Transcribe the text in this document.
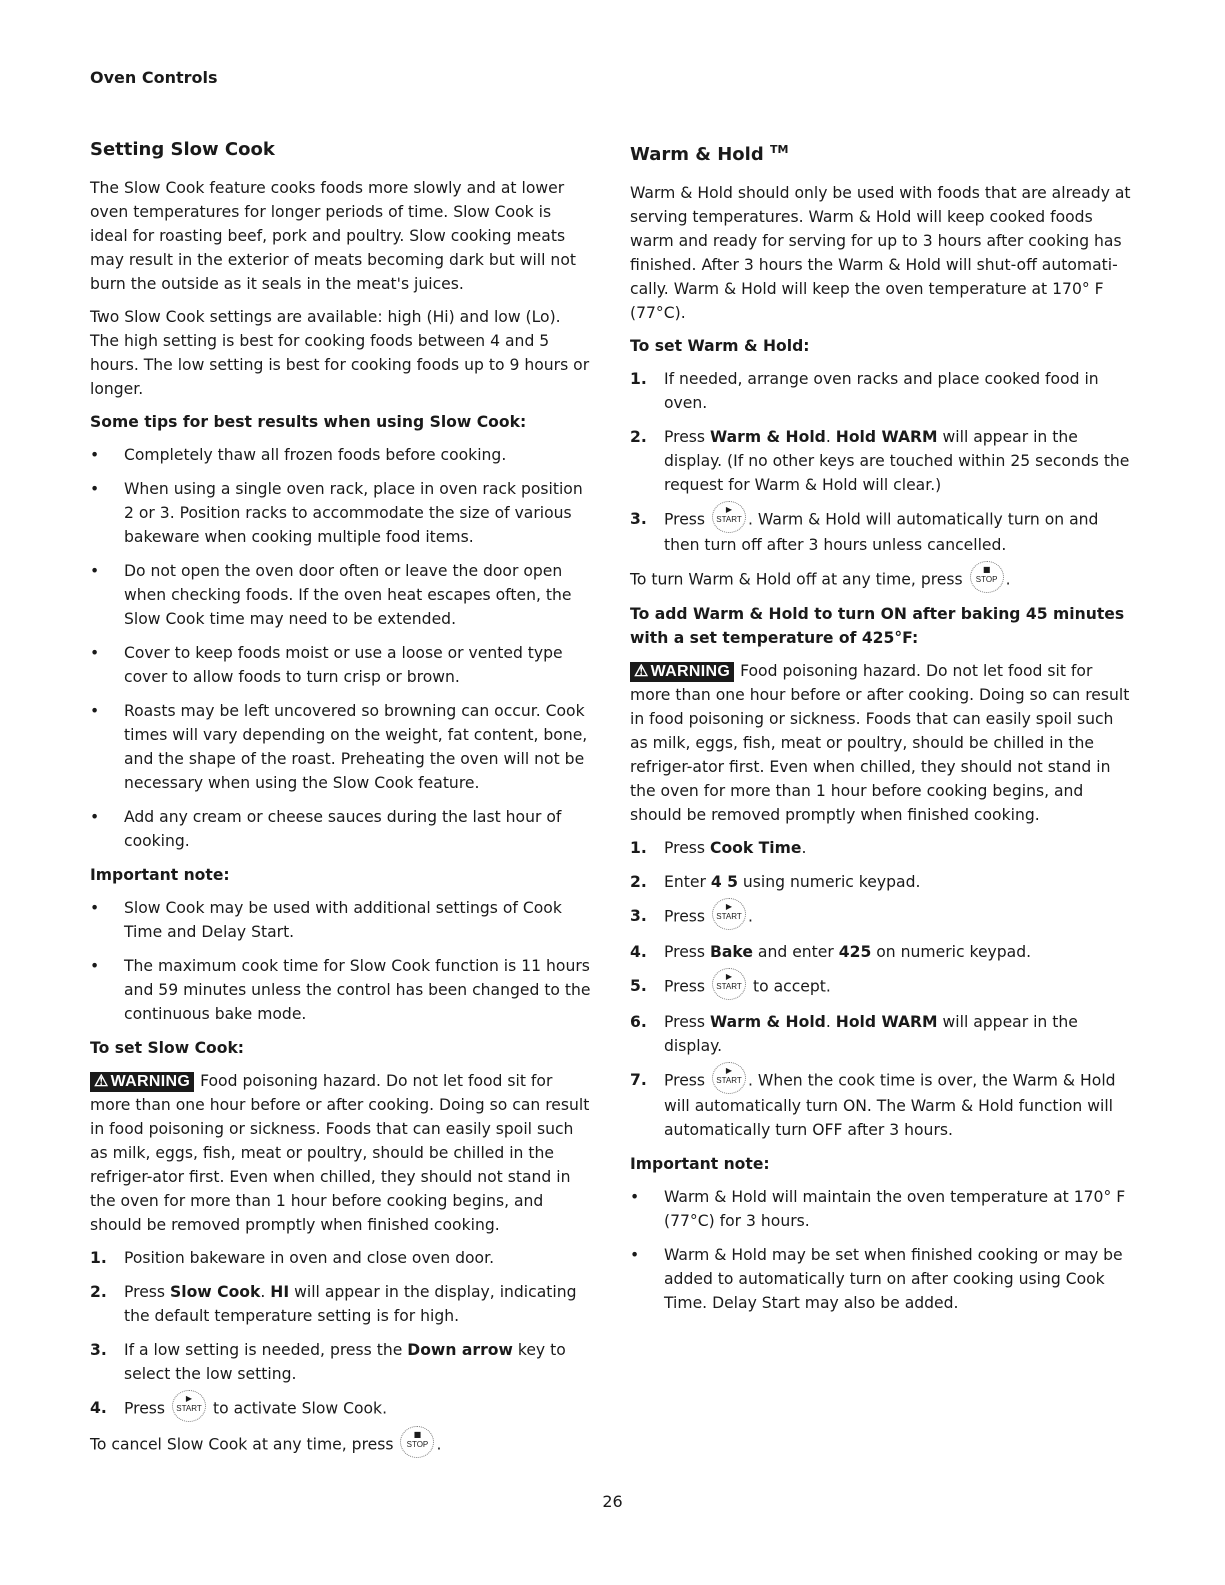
Oven Controls
Setting Slow Cook

The Slow Cook feature cooks foods more slowly and at lower oven temperatures for longer periods of time. Slow Cook is ideal for roasting beef, pork and poultry. Slow cooking meats may result in the exterior of meats becoming dark but will not burn the outside as it seals in the meat's juices.

Two Slow Cook settings are available: high (Hi) and low (Lo). The high setting is best for cooking foods between 4 and 5 hours. The low setting is best for cooking foods up to 9 hours or longer.

Some tips for best results when using Slow Cook:
• Completely thaw all frozen foods before cooking.
• When using a single oven rack, place in oven rack position 2 or 3. Position racks to accommodate the size of various bakeware when cooking multiple food items.
• Do not open the oven door often or leave the door open when checking foods. If the oven heat escapes often, the Slow Cook time may need to be extended.
• Cover to keep foods moist or use a loose or vented type cover to allow foods to turn crisp or brown.
• Roasts may be left uncovered so browning can occur. Cook times will vary depending on the weight, fat content, bone, and the shape of the roast. Preheating the oven will not be necessary when using the Slow Cook feature.
• Add any cream or cheese sauces during the last hour of cooking.
Important note:
• Slow Cook may be used with additional settings of Cook Time and Delay Start.
• The maximum cook time for Slow Cook function is 11 hours and 59 minutes unless the control has been changed to the continuous bake mode.
To set Slow Cook:

⚠ WARNING Food poisoning hazard. Do not let food sit for more than one hour before or after cooking. Doing so can result in food poisoning or sickness. Foods that can easily spoil such as milk, eggs, fish, meat or poultry, should be chilled in the refriger-ator first. Even when chilled, they should not stand in the oven for more than 1 hour before cooking begins, and should be removed promptly when finished cooking.

1. Position bakeware in oven and close oven door.
2. Press Slow Cook. HI will appear in the display, indicating the default temperature setting is for high.
3. If a low setting is needed, press the Down arrow key to select the low setting.
4. Press
▶
START to activate Slow Cook.

To cancel Slow Cook at any time, press
■
STOP .

Warm & Hold ™

Warm & Hold should only be used with foods that are already at serving temperatures. Warm & Hold will keep cooked foods warm and ready for serving for up to 3 hours after cooking has finished. After 3 hours the Warm & Hold will shut-off automati-cally. Warm & Hold will keep the oven temperature at 170° F (77°C).

To set Warm & Hold:
1. If needed, arrange oven racks and place cooked food in oven.
2. Press Warm & Hold. Hold WARM will appear in the display. (If no other keys are touched within 25 seconds the request for Warm & Hold will clear.)
3. Press
▶
START . Warm & Hold will automatically turn on and then turn off after 3 hours unless cancelled.

To turn Warm & Hold off at any time, press
■
STOP .

To add Warm & Hold to turn ON after baking 45 minutes with a set temperature of 425°F:

⚠ WARNING Food poisoning hazard. Do not let food sit for more than one hour before or after cooking. Doing so can result in food poisoning or sickness. Foods that can easily spoil such as milk, eggs, fish, meat or poultry, should be chilled in the refriger-ator first. Even when chilled, they should not stand in the oven for more than 1 hour before cooking begins, and should be removed promptly when finished cooking.

1. Press Cook Time.
2. Enter 4 5 using numeric keypad.
3. Press
▶
START .
4. Press Bake and enter 425 on numeric keypad.
5. Press
▶
START to accept.
6. Press Warm & Hold. Hold WARM will appear in the display.
7. Press
▶
START . When the cook time is over, the Warm & Hold will automatically turn ON. The Warm & Hold function will automatically turn OFF after 3 hours.
Important note:
• Warm & Hold will maintain the oven temperature at 170° F (77°C) for 3 hours.
• Warm & Hold may be set when finished cooking or may be added to automatically turn on after cooking using Cook Time. Delay Start may also be added.
26
